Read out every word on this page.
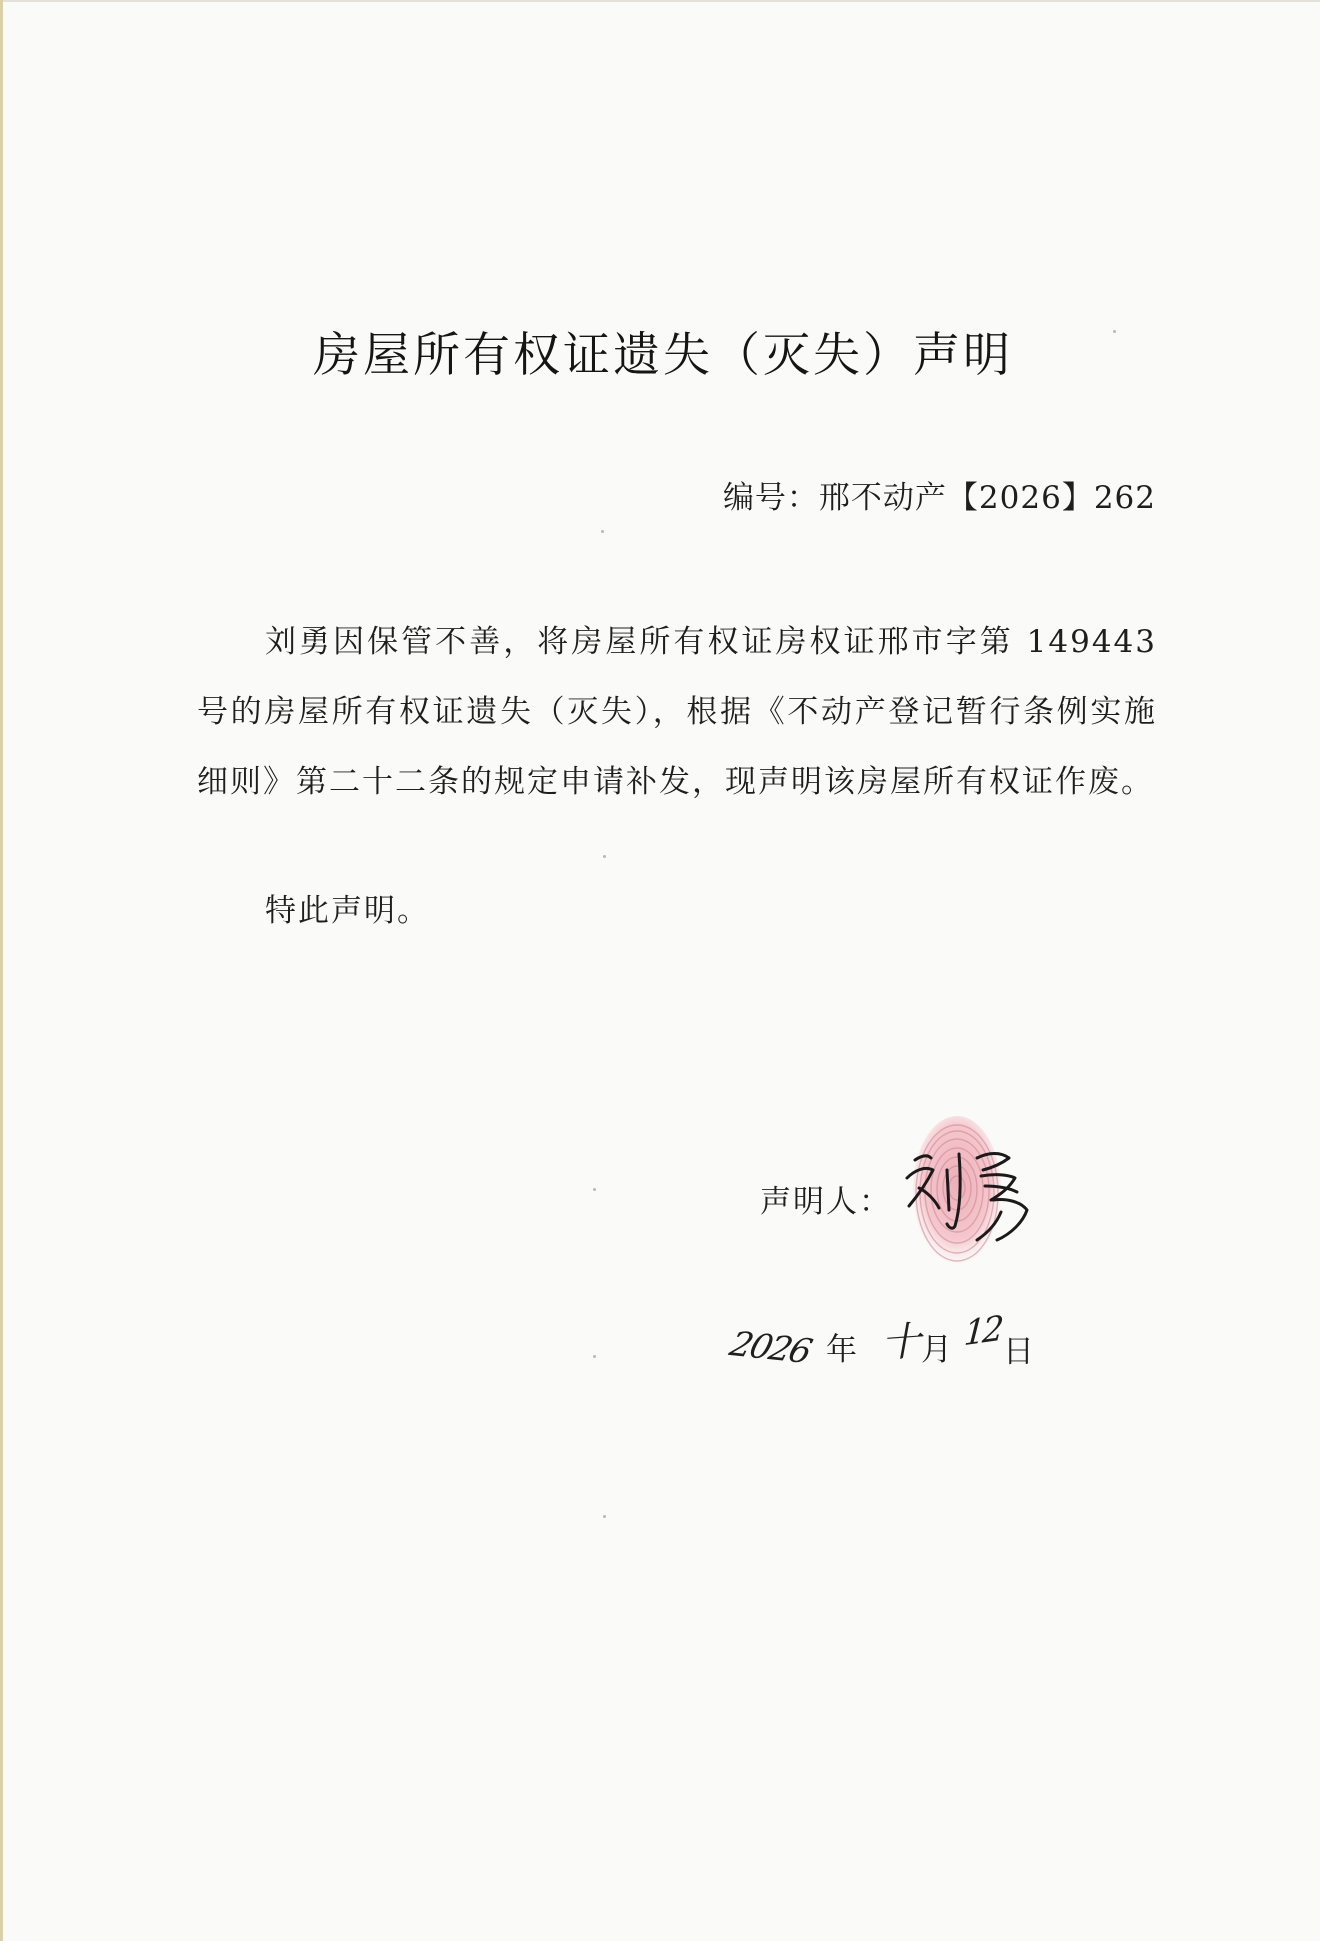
房屋所有权证遗失（灭失）声明
编号：邢不动产【2026】262

刘勇因保管不善，将房屋所有权证房权证邢市字第 149443 号的房屋所有权证遗失（灭失），根据《不动产登记暂行条例实施细则》第二十二条的规定申请补发，现声明该房屋所有权证作废。

特此声明。
声明人：
2026 年 十
月 12 日
